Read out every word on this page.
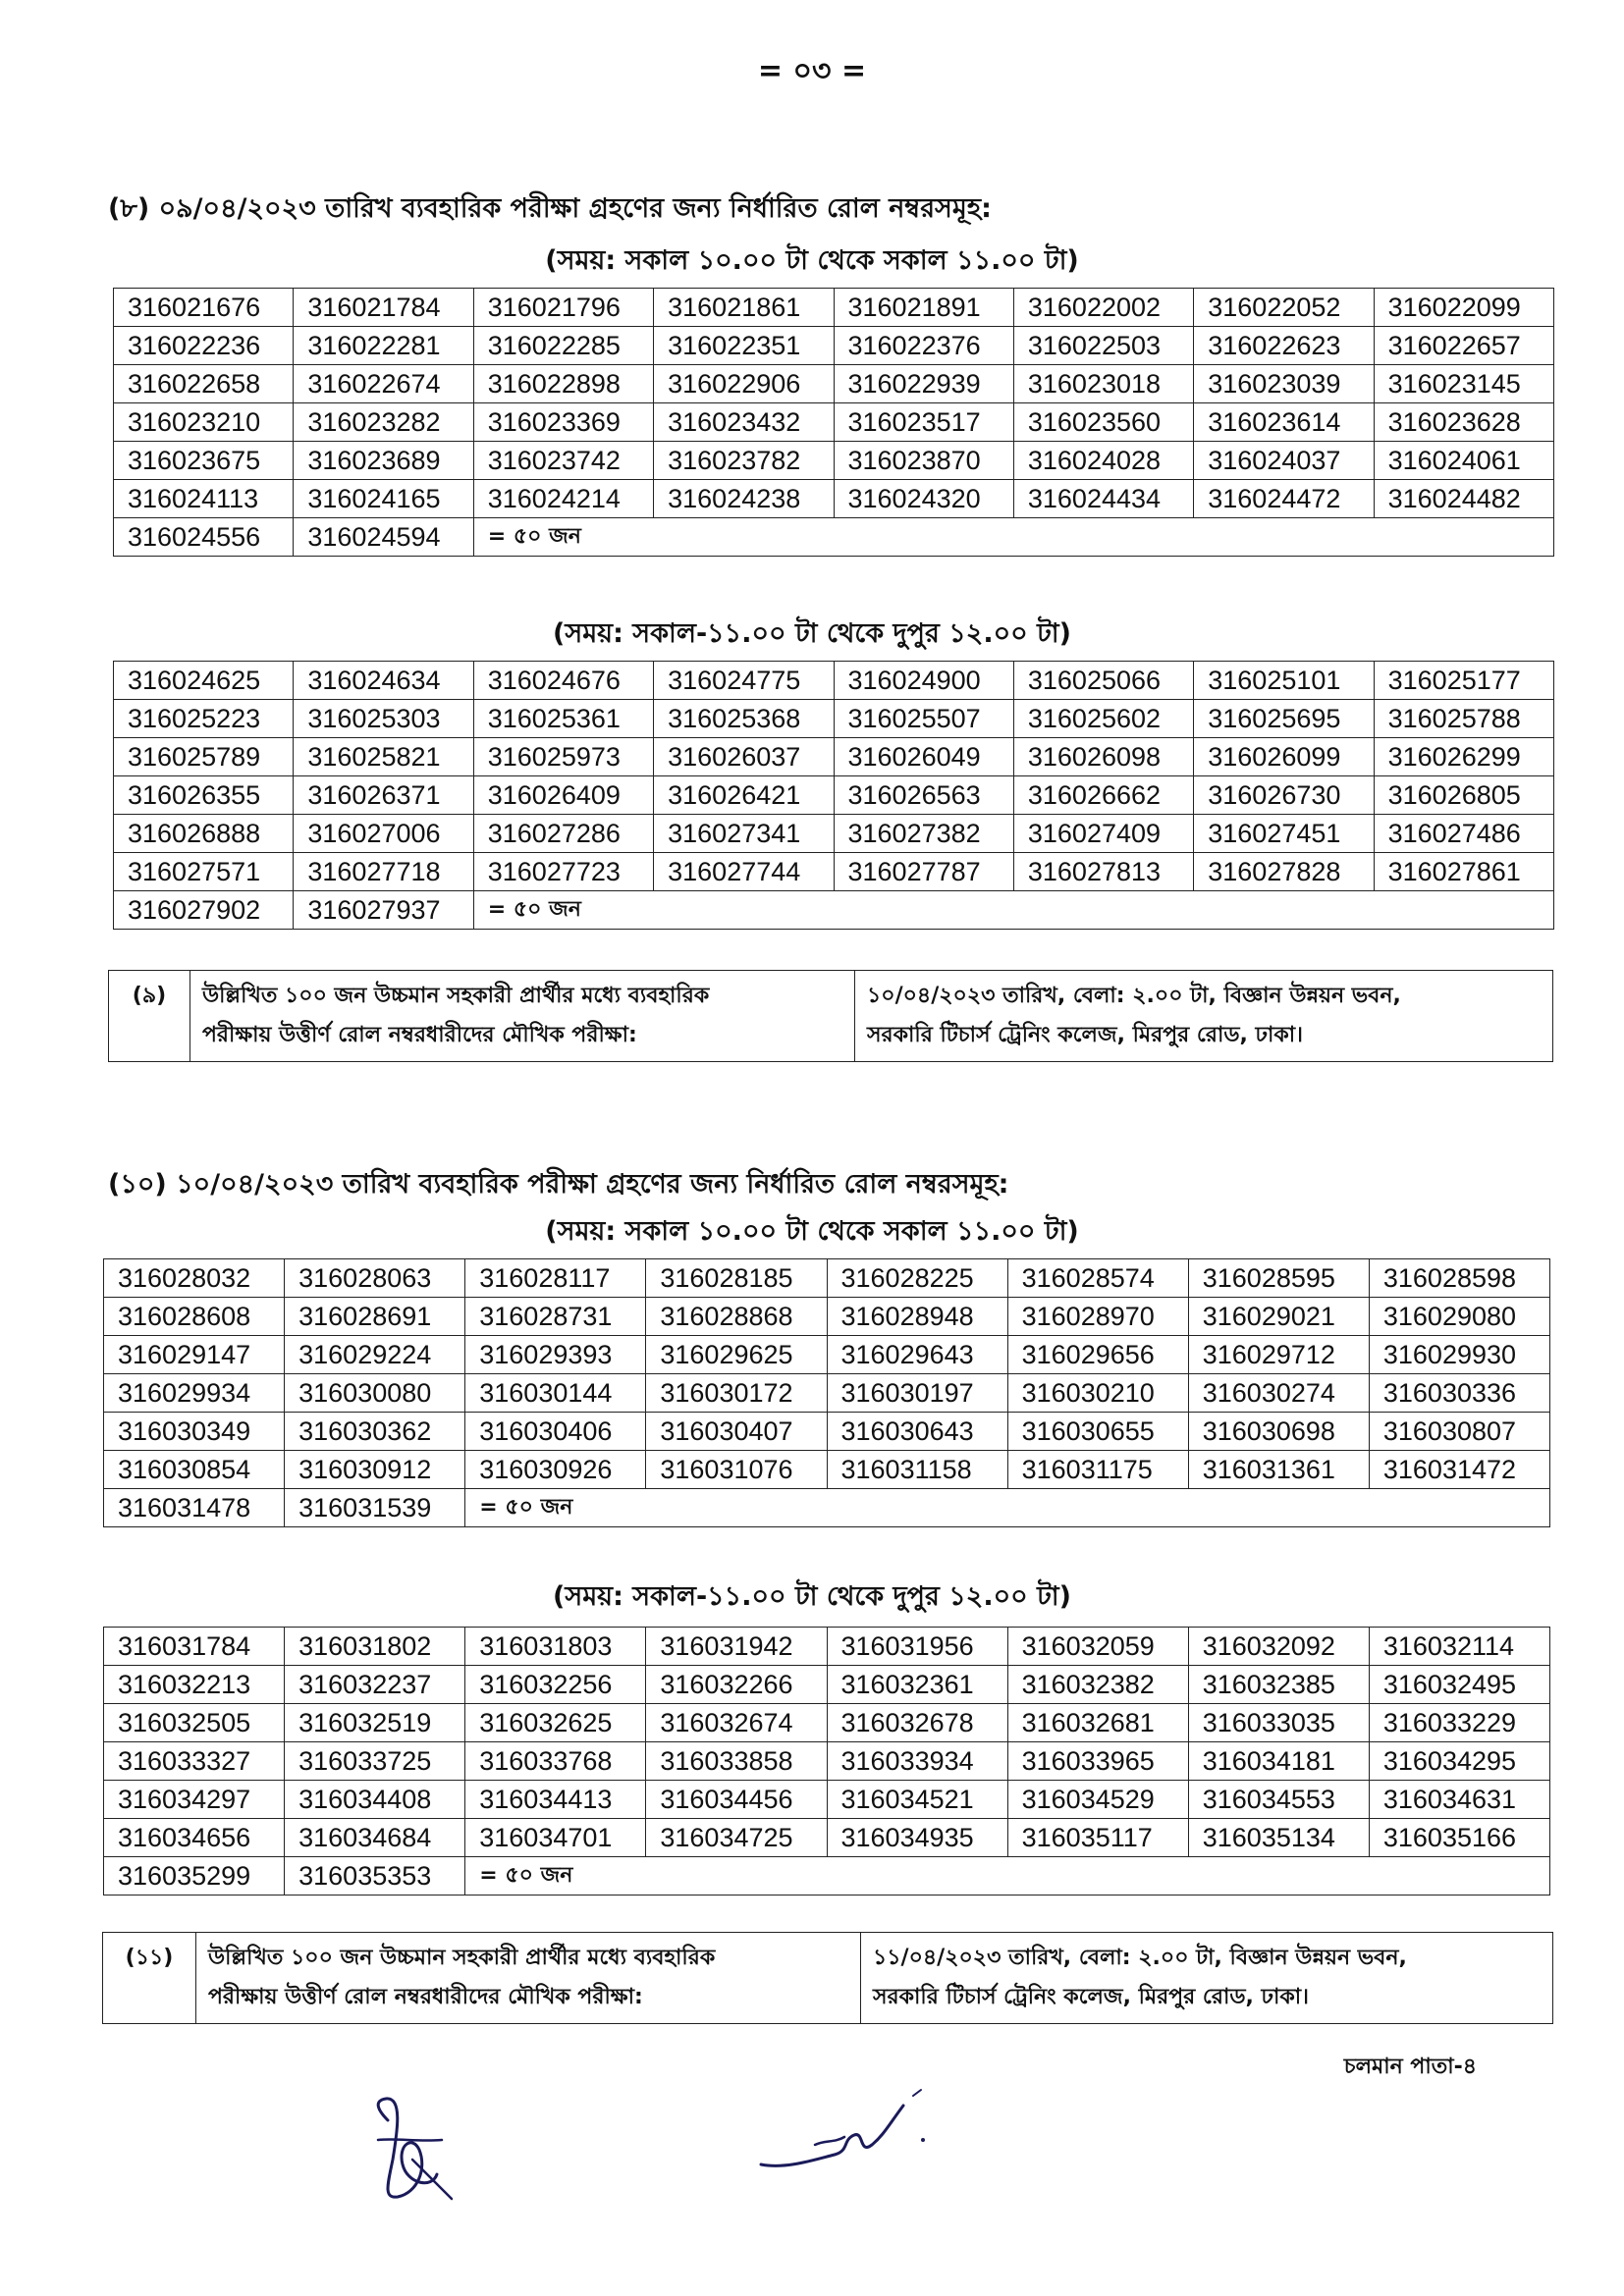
= ০৩ =
(৮) ০৯/০৪/২০২৩ তারিখ ব্যবহারিক পরীক্ষা গ্রহণের জন্য নির্ধারিত রোল নম্বরসমূহ:
(সময়: সকাল ১০.০০ টা থেকে সকাল ১১.০০ টা)
316021676	316021784	316021796	316021861	316021891	316022002	316022052	316022099
316022236	316022281	316022285	316022351	316022376	316022503	316022623	316022657
316022658	316022674	316022898	316022906	316022939	316023018	316023039	316023145
316023210	316023282	316023369	316023432	316023517	316023560	316023614	316023628
316023675	316023689	316023742	316023782	316023870	316024028	316024037	316024061
316024113	316024165	316024214	316024238	316024320	316024434	316024472	316024482
316024556	316024594	= ৫০ জন					
(সময়: সকাল-১১.০০ টা থেকে দুপুর ১২.০০ টা)
316024625	316024634	316024676	316024775	316024900	316025066	316025101	316025177
316025223	316025303	316025361	316025368	316025507	316025602	316025695	316025788
316025789	316025821	316025973	316026037	316026049	316026098	316026099	316026299
316026355	316026371	316026409	316026421	316026563	316026662	316026730	316026805
316026888	316027006	316027286	316027341	316027382	316027409	316027451	316027486
316027571	316027718	316027723	316027744	316027787	316027813	316027828	316027861
316027902	316027937	= ৫০ জন					
(৯)	উল্লিখিত ১০০ জন উচ্চমান সহকারী প্রার্থীর মধ্যে ব্যবহারিক
পরীক্ষায় উত্তীর্ণ রোল নম্বরধারীদের মৌখিক পরীক্ষা:

১০/০৪/২০২৩ তারিখ, বেলা: ২.০০ টা, বিজ্ঞান উন্নয়ন ভবন,
সরকারি টিচার্স ট্রেনিং কলেজ, মিরপুর রোড, ঢাকা।
(১০) ১০/০৪/২০২৩ তারিখ ব্যবহারিক পরীক্ষা গ্রহণের জন্য নির্ধারিত রোল নম্বরসমূহ:
316028032	316028063	316028117	316028185	316028225	316028574	316028595	316028598
316028608	316028691	316028731	316028868	316028948	316028970	316029021	316029080
316029147	316029224	316029393	316029625	316029643	316029656	316029712	316029930
316029934	316030080	316030144	316030172	316030197	316030210	316030274	316030336
316030349	316030362	316030406	316030407	316030643	316030655	316030698	316030807
316030854	316030912	316030926	316031076	316031158	316031175	316031361	316031472
316031478	316031539	= ৫০ জন					
(সময়: সকাল ১০.০০ টা থেকে সকাল ১১.০০ টা)
(সময়: সকাল-১১.০০ টা থেকে দুপুর ১২.০০ টা)
316031784	316031802	316031803	316031942	316031956	316032059	316032092	316032114
316032213	316032237	316032256	316032266	316032361	316032382	316032385	316032495
316032505	316032519	316032625	316032674	316032678	316032681	316033035	316033229
316033327	316033725	316033768	316033858	316033934	316033965	316034181	316034295
316034297	316034408	316034413	316034456	316034521	316034529	316034553	316034631
316034656	316034684	316034701	316034725	316034935	316035117	316035134	316035166
316035299	316035353	= ৫০ জন					
(১১)	উল্লিখিত ১০০ জন উচ্চমান সহকারী প্রার্থীর মধ্যে ব্যবহারিক
পরীক্ষায় উত্তীর্ণ রোল নম্বরধারীদের মৌখিক পরীক্ষা:

১১/০৪/২০২৩ তারিখ, বেলা: ২.০০ টা, বিজ্ঞান উন্নয়ন ভবন,
সরকারি টিচার্স ট্রেনিং কলেজ, মিরপুর রোড, ঢাকা।
চলমান পাতা-৪
